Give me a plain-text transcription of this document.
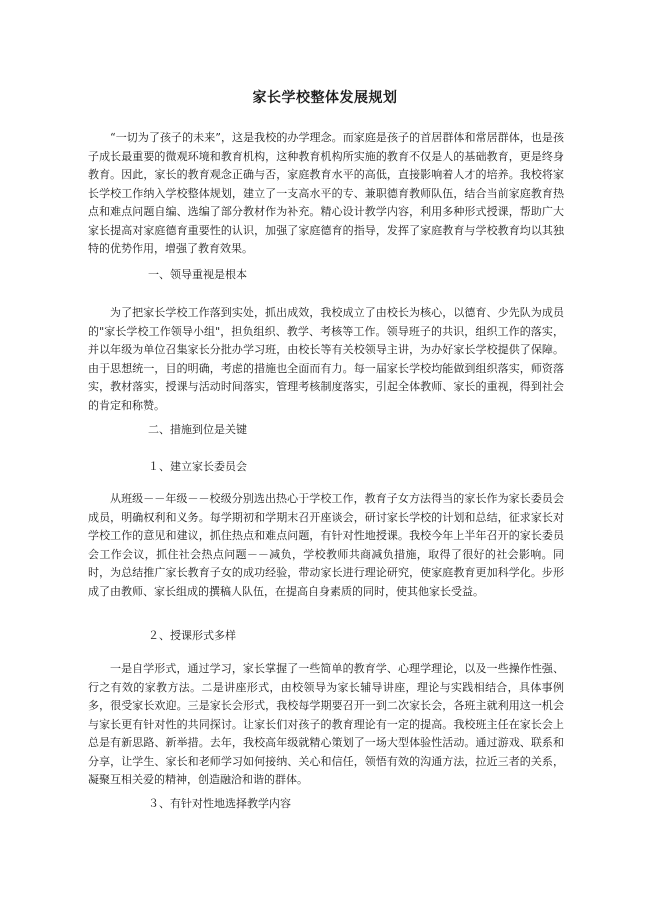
家长学校整体发展规划

“一切为了孩子的未来”，这是我校的办学理念。而家庭是孩子的首居群体和常居群体，也是孩子成长最重要的微观环境和教育机构，这种教育机构所实施的教育不仅是人的基础教育，更是终身教育。因此，家长的教育观念正确与否，家庭教育水平的高低，直接影响着人才的培养。我校将家长学校工作纳入学校整体规划，建立了一支高水平的专、兼职德育教师队伍，结合当前家庭教育热点和难点问题自编、选编了部分教材作为补充。精心设计教学内容，利用多种形式授课，帮助广大家长提高对家庭德育重要性的认识，加强了家庭德育的指导，发挥了家庭教育与学校教育均以其独特的优势作用，增强了教育效果。

一、领导重视是根本

为了把家长学校工作落到实处，抓出成效，我校成立了由校长为核心，以德育、少先队为成员的"家长学校工作领导小组"，担负组织、教学、考核等工作。领导班子的共识，组织工作的落实，并以年级为单位召集家长分批办学习班，由校长等有关校领导主讲，为办好家长学校提供了保障。由于思想统一，目的明确，考虑的措施也全面而有力。每一届家长学校均能做到组织落实，师资落实，教材落实，授课与活动时间落实，管理考核制度落实，引起全体教师、家长的重视，得到社会的肯定和称赞。

二、措施到位是关键

１、建立家长委员会

从班级－－年级－－校级分别选出热心于学校工作，教育子女方法得当的家长作为家长委员会成员，明确权利和义务。每学期初和学期末召开座谈会，研讨家长学校的计划和总结，征求家长对学校工作的意见和建议，抓住热点和难点问题，有针对性地授课。我校今年上半年召开的家长委员会工作会议，抓住社会热点问题－－减负，学校教师共商减负措施，取得了很好的社会影响。同时，为总结推广家长教育子女的成功经验，带动家长进行理论研究，使家庭教育更加科学化。步形成了由教师、家长组成的撰稿人队伍，在提高自身素质的同时，使其他家长受益。

２、授课形式多样

一是自学形式，通过学习，家长掌握了一些简单的教育学、心理学理论，以及一些操作性强、行之有效的家教方法。二是讲座形式，由校领导为家长辅导讲座，理论与实践相结合，具体事例多，很受家长欢迎。三是家长会形式，我校每学期要召开一到二次家长会，各班主就利用这一机会与家长更有针对性的共同探讨。让家长们对孩子的教育理论有一定的提高。我校班主任在家长会上总是有新思路、新举措。去年，我校高年级就精心策划了一场大型体验性活动。通过游戏、联系和分享，让学生、家长和老师学习如何接纳、关心和信任，领悟有效的沟通方法，拉近三者的关系，凝聚互相关爱的精神，创造融洽和谐的群体。

３、有针对性地选择教学内容
